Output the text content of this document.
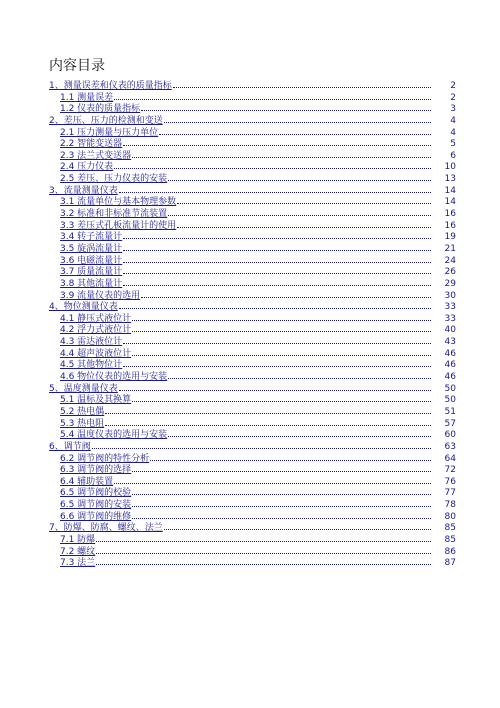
内容目录
1、测量误差和仪表的质量指标	2
1.1 测量误差	2
1.2 仪表的质量指标	3
2、差压、压力的检测和变送	4
2.1 压力测量与压力单位	4
2.2 智能变送器	5
2.3 法兰式变送器	6
2.4 压力仪表	10
2.5 差压、压力仪表的安装	13
3、流量测量仪表	14
3.1 流量单位与基本物理参数	14
3.2 标准和非标准节流装置	16
3.3 差压式孔板流量计的使用	16
3.4 转子流量计	19
3.5 旋涡流量计	21
3.6 电磁流量计	24
3.7 质量流量计	26
3.8 其他流量计	29
3.9 流量仪表的选用	30
4、物位测量仪表	33
4.1 静压式液位计	33
4.2 浮力式液位计	40
4.3 雷达液位计	43
4.4 超声波液位计	46
4.5 其他物位计	46
4.6 物位仪表的选用与安装	46
5、温度测量仪表	50
5.1 温标及其换算	50
5.2 热电偶	51
5.3 热电阻	57
5.4 温度仪表的选用与安装	60
6、调节阀	63
6.2 调节阀的特性分析	64
6.3 调节阀的选择	72
6.4 辅助装置	76
6.5 调节阀的校验	77
6.5 调节阀的安装	78
6.6 调节阀的维修	80
7、防爆、防腐、螺纹、法兰	85
7.1 防爆	85
7.2 螺纹	86
7.3 法兰	87
